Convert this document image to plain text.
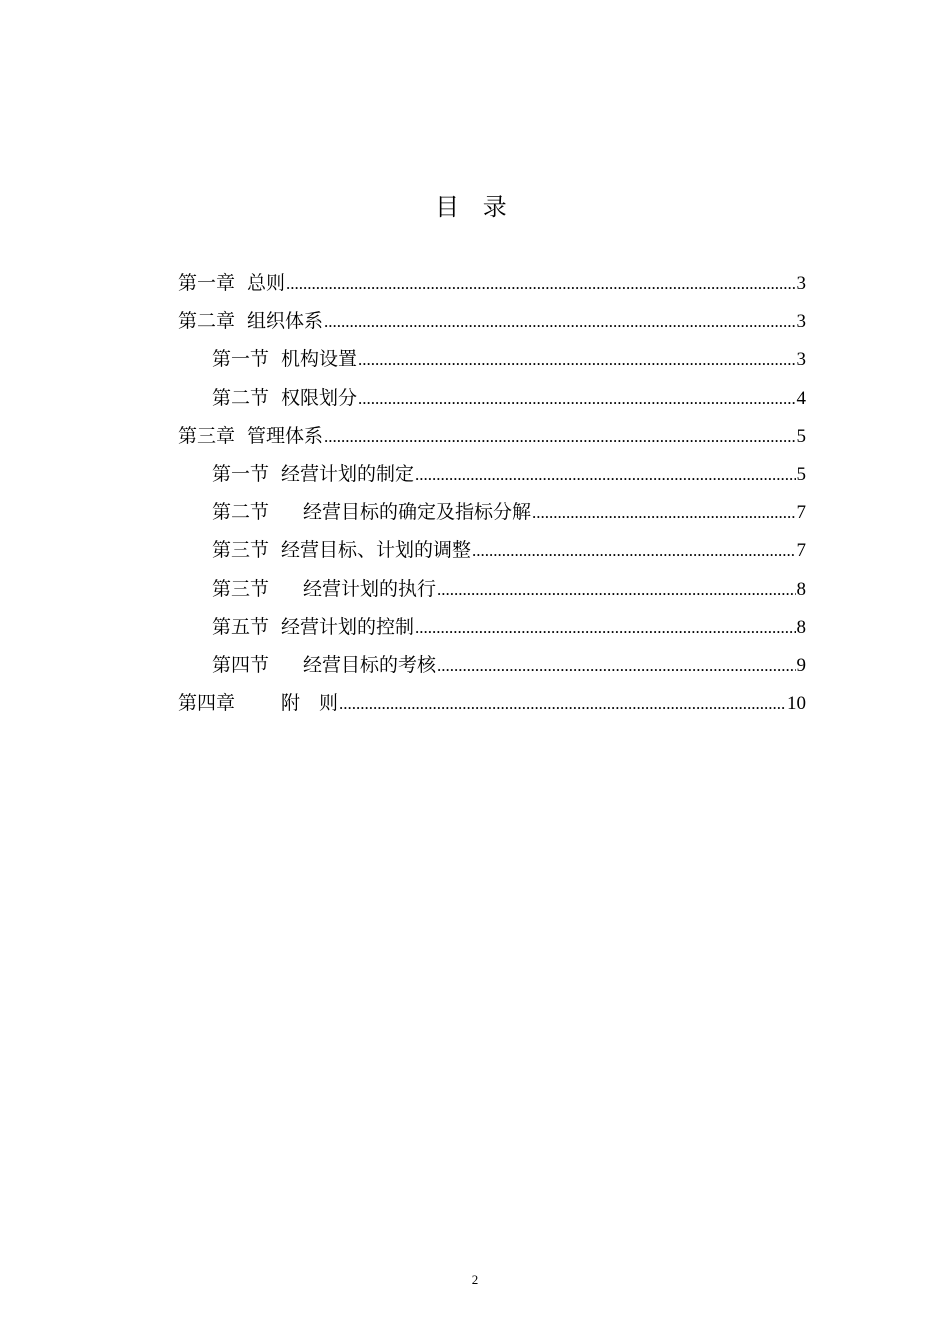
目 录
第一章 总则 .....	3
第二章 组织体系 .....	3
第一节 机构设置 .....	3
第二节 权限划分 .....	4
第三章 管理体系 .....	5
第一节 经营计划的制定 .....	5
第二节 经营目标的确定及指标分解 .....	7
第三节 经营目标、计划的调整 .....	7
第三节 经营计划的执行 .....	8
第五节 经营计划的控制 .....	8
第四节 经营目标的考核 .....	9
第四章 附　则 .....	10
2
